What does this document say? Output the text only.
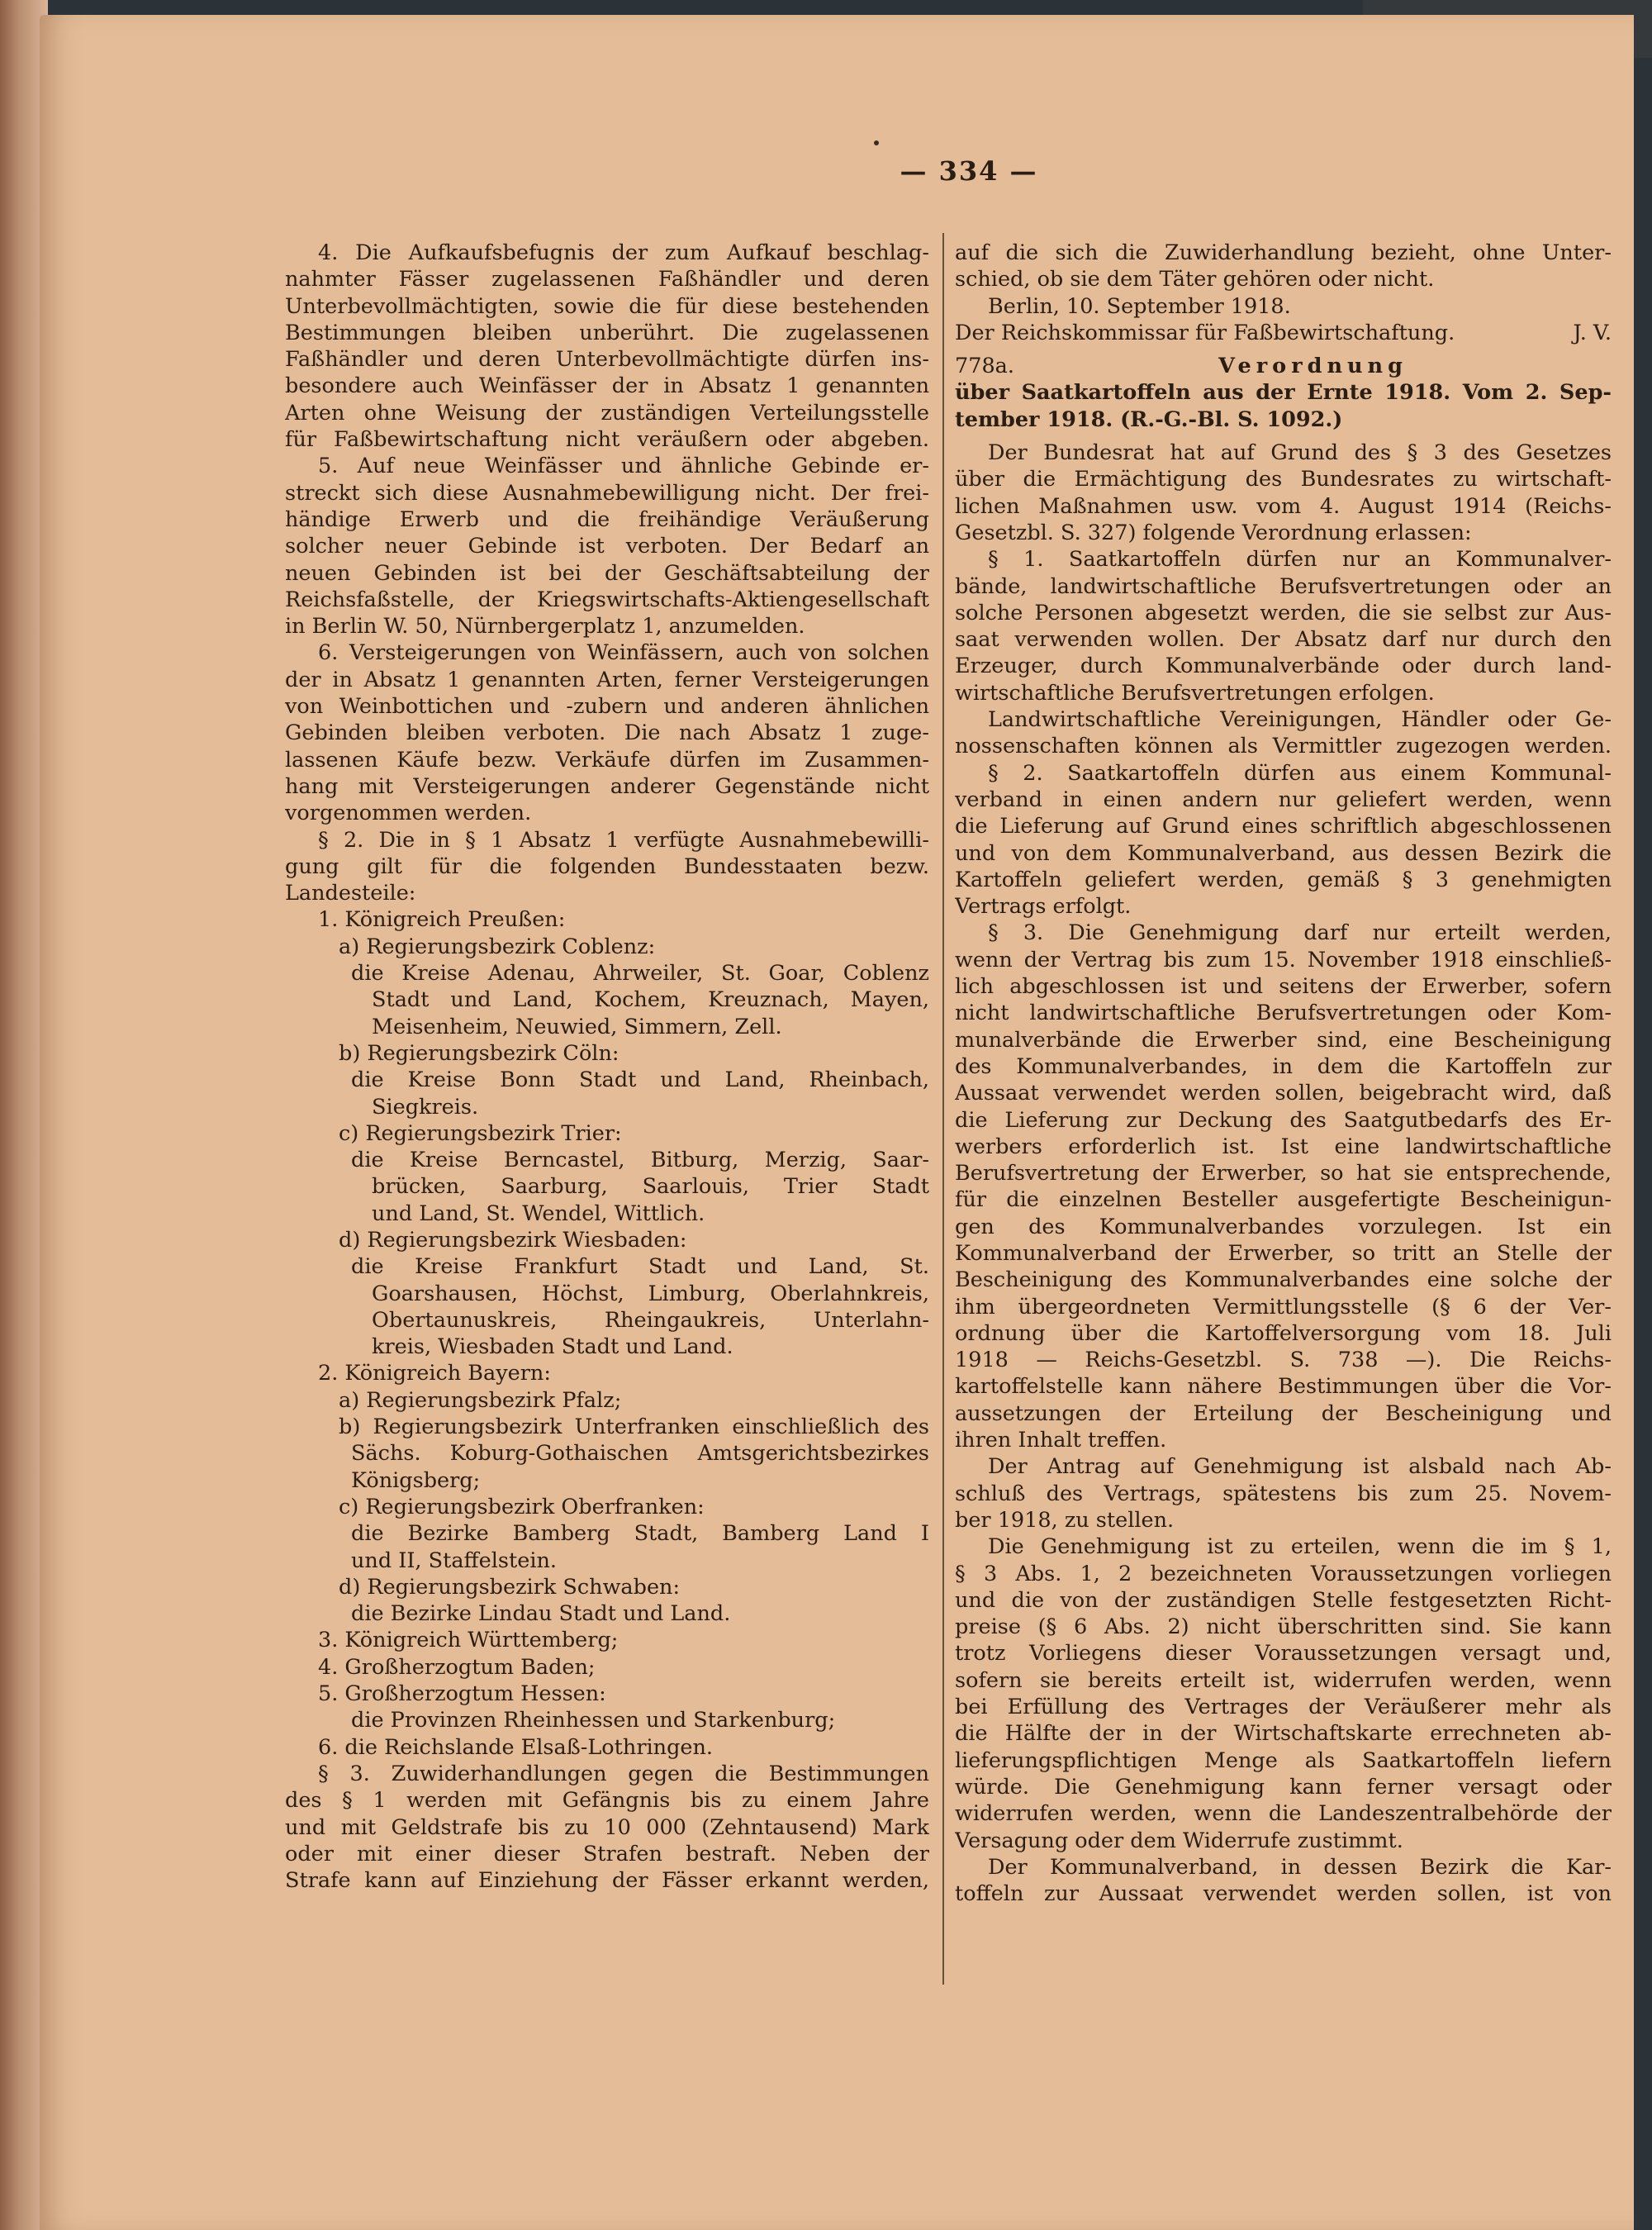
— 334 —
4. Die Aufkaufsbefugnis der zum Aufkauf beschlag-
nahmter Fässer zugelassenen Faßhändler und deren
Unterbevollmächtigten, sowie die für diese bestehenden
Bestimmungen bleiben unberührt. Die zugelassenen
Faßhändler und deren Unterbevollmächtigte dürfen ins-
besondere auch Weinfässer der in Absatz 1 genannten
Arten ohne Weisung der zuständigen Verteilungsstelle
für Faßbewirtschaftung nicht veräußern oder abgeben.
5. Auf neue Weinfässer und ähnliche Gebinde er-
streckt sich diese Ausnahmebewilligung nicht. Der frei-
händige Erwerb und die freihändige Veräußerung
solcher neuer Gebinde ist verboten. Der Bedarf an
neuen Gebinden ist bei der Geschäftsabteilung der
Reichsfaßstelle, der Kriegswirtschafts-Aktiengesellschaft
in Berlin W. 50, Nürnbergerplatz 1, anzumelden.
6. Versteigerungen von Weinfässern, auch von solchen
der in Absatz 1 genannten Arten, ferner Versteigerungen
von Weinbottichen und -zubern und anderen ähnlichen
Gebinden bleiben verboten. Die nach Absatz 1 zuge-
lassenen Käufe bezw. Verkäufe dürfen im Zusammen-
hang mit Versteigerungen anderer Gegenstände nicht
vorgenommen werden.
§ 2. Die in § 1 Absatz 1 verfügte Ausnahmebewilli-
gung gilt für die folgenden Bundesstaaten bezw.
Landesteile:
1. Königreich Preußen:
a) Regierungsbezirk Coblenz:
die Kreise Adenau, Ahrweiler, St. Goar, Coblenz
Stadt und Land, Kochem, Kreuznach, Mayen,
Meisenheim, Neuwied, Simmern, Zell.
b) Regierungsbezirk Cöln:
die Kreise Bonn Stadt und Land, Rheinbach,
Siegkreis.
c) Regierungsbezirk Trier:
die Kreise Berncastel, Bitburg, Merzig, Saar-
brücken, Saarburg, Saarlouis, Trier Stadt
und Land, St. Wendel, Wittlich.
d) Regierungsbezirk Wiesbaden:
die Kreise Frankfurt Stadt und Land, St.
Goarshausen, Höchst, Limburg, Oberlahnkreis,
Obertaunuskreis, Rheingaukreis, Unterlahn-
kreis, Wiesbaden Stadt und Land.
2. Königreich Bayern:
a) Regierungsbezirk Pfalz;
b) Regierungsbezirk Unterfranken einschließlich des
Sächs. Koburg-Gothaischen Amtsgerichtsbezirkes
Königsberg;
c) Regierungsbezirk Oberfranken:
die Bezirke Bamberg Stadt, Bamberg Land I
und II, Staffelstein.
d) Regierungsbezirk Schwaben:
die Bezirke Lindau Stadt und Land.
3. Königreich Württemberg;
4. Großherzogtum Baden;
5. Großherzogtum Hessen:
die Provinzen Rheinhessen und Starkenburg;
6. die Reichslande Elsaß-Lothringen.
§ 3. Zuwiderhandlungen gegen die Bestimmungen
des § 1 werden mit Gefängnis bis zu einem Jahre
und mit Geldstrafe bis zu 10 000 (Zehntausend) Mark
oder mit einer dieser Strafen bestraft. Neben der
Strafe kann auf Einziehung der Fässer erkannt werden,
auf die sich die Zuwiderhandlung bezieht, ohne Unter-
schied, ob sie dem Täter gehören oder nicht.
Berlin, 10. September 1918.
Der Reichskommissar für Faßbewirtschaftung.	J. V.
778a.	Verordnung
über Saatkartoffeln aus der Ernte 1918. Vom 2. Sep-
tember 1918. (R.-G.-Bl. S. 1092.)
Der Bundesrat hat auf Grund des § 3 des Gesetzes
über die Ermächtigung des Bundesrates zu wirtschaft-
lichen Maßnahmen usw. vom 4. August 1914 (Reichs-
Gesetzbl. S. 327) folgende Verordnung erlassen:
§ 1. Saatkartoffeln dürfen nur an Kommunalver-
bände, landwirtschaftliche Berufsvertretungen oder an
solche Personen abgesetzt werden, die sie selbst zur Aus-
saat verwenden wollen. Der Absatz darf nur durch den
Erzeuger, durch Kommunalverbände oder durch land-
wirtschaftliche Berufsvertretungen erfolgen.
Landwirtschaftliche Vereinigungen, Händler oder Ge-
nossenschaften können als Vermittler zugezogen werden.
§ 2. Saatkartoffeln dürfen aus einem Kommunal-
verband in einen andern nur geliefert werden, wenn
die Lieferung auf Grund eines schriftlich abgeschlossenen
und von dem Kommunalverband, aus dessen Bezirk die
Kartoffeln geliefert werden, gemäß § 3 genehmigten
Vertrags erfolgt.
§ 3. Die Genehmigung darf nur erteilt werden,
wenn der Vertrag bis zum 15. November 1918 einschließ-
lich abgeschlossen ist und seitens der Erwerber, sofern
nicht landwirtschaftliche Berufsvertretungen oder Kom-
munalverbände die Erwerber sind, eine Bescheinigung
des Kommunalverbandes, in dem die Kartoffeln zur
Aussaat verwendet werden sollen, beigebracht wird, daß
die Lieferung zur Deckung des Saatgutbedarfs des Er-
werbers erforderlich ist. Ist eine landwirtschaftliche
Berufsvertretung der Erwerber, so hat sie entsprechende,
für die einzelnen Besteller ausgefertigte Bescheinigun-
gen des Kommunalverbandes vorzulegen. Ist ein
Kommunalverband der Erwerber, so tritt an Stelle der
Bescheinigung des Kommunalverbandes eine solche der
ihm übergeordneten Vermittlungsstelle (§ 6 der Ver-
ordnung über die Kartoffelversorgung vom 18. Juli
1918 — Reichs-Gesetzbl. S. 738 —). Die Reichs-
kartoffelstelle kann nähere Bestimmungen über die Vor-
aussetzungen der Erteilung der Bescheinigung und
ihren Inhalt treffen.
Der Antrag auf Genehmigung ist alsbald nach Ab-
schluß des Vertrags, spätestens bis zum 25. Novem-
ber 1918, zu stellen.
Die Genehmigung ist zu erteilen, wenn die im § 1,
§ 3 Abs. 1, 2 bezeichneten Voraussetzungen vorliegen
und die von der zuständigen Stelle festgesetzten Richt-
preise (§ 6 Abs. 2) nicht überschritten sind. Sie kann
trotz Vorliegens dieser Voraussetzungen versagt und,
sofern sie bereits erteilt ist, widerrufen werden, wenn
bei Erfüllung des Vertrages der Veräußerer mehr als
die Hälfte der in der Wirtschaftskarte errechneten ab-
lieferungspflichtigen Menge als Saatkartoffeln liefern
würde. Die Genehmigung kann ferner versagt oder
widerrufen werden, wenn die Landeszentralbehörde der
Versagung oder dem Widerrufe zustimmt.
Der Kommunalverband, in dessen Bezirk die Kar-
toffeln zur Aussaat verwendet werden sollen, ist von
